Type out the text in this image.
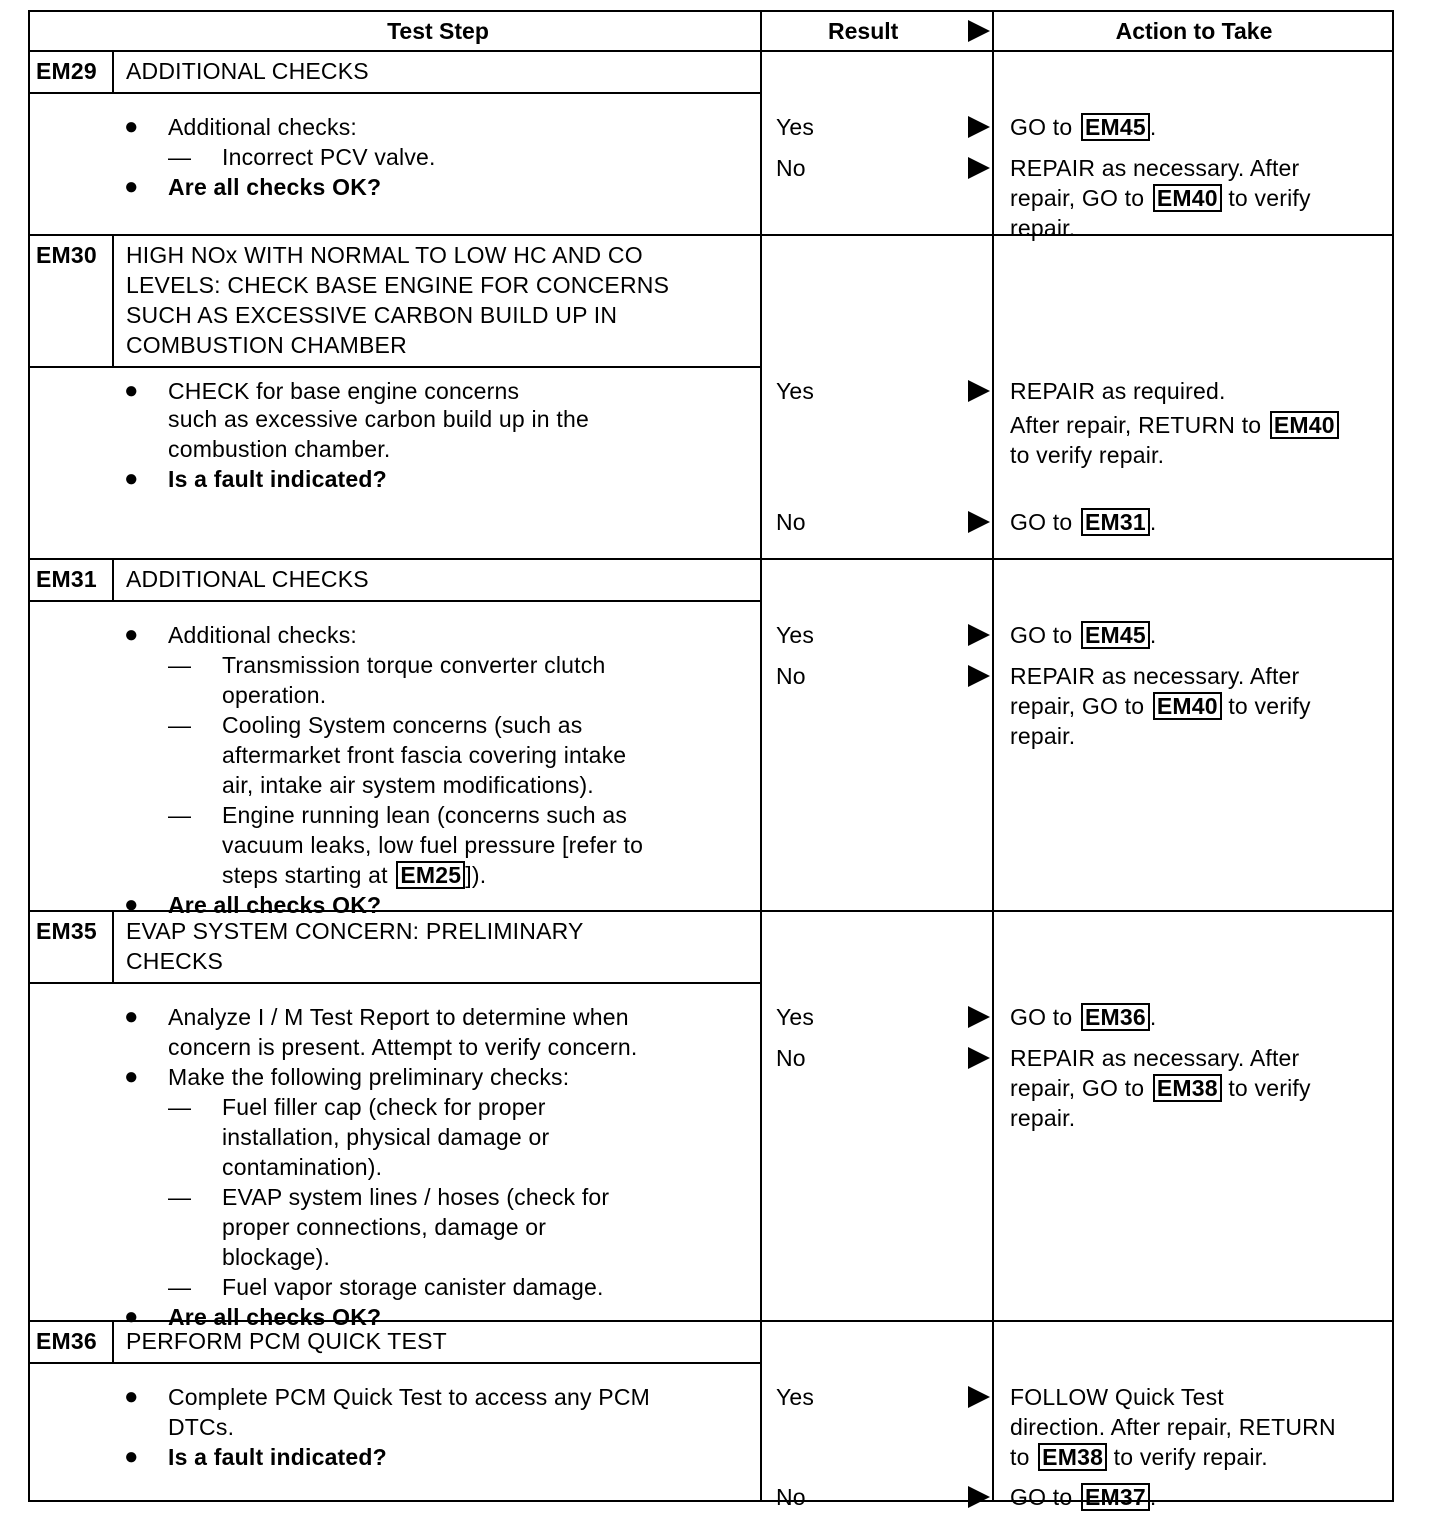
Test Step	Result	Action to Take
EM29 ADDITIONAL CHECKS
● Additional checks:
— Incorrect PCV valve.
● Are all checks OK?
Yes	GO to EM45 .
No	REPAIR as necessary. After
repair, GO to EM40 to verify
repair.
EM30 HIGH NOx WITH NORMAL TO LOW HC AND CO
LEVELS: CHECK BASE ENGINE FOR CONCERNS
SUCH AS EXCESSIVE CARBON BUILD UP IN
COMBUSTION CHAMBER
● CHECK for base engine concerns
such as excessive carbon build up in the
combustion chamber.
● Is a fault indicated?
Yes	REPAIR as required.
After repair, RETURN to EM40
to verify repair.
No	GO to EM31 .
EM31 ADDITIONAL CHECKS
● Additional checks:
— Transmission torque converter clutch
operation.
— Cooling System concerns (such as
aftermarket front fascia covering intake
air, intake air system modifications).
— Engine running lean (concerns such as
vacuum leaks, low fuel pressure [refer to
steps starting at EM25 ]).
● Are all checks OK?
Yes	GO to EM45 .
No	REPAIR as necessary. After
repair, GO to EM40 to verify
repair.
EM35 EVAP SYSTEM CONCERN: PRELIMINARY
CHECKS
● Analyze I / M Test Report to determine when
concern is present. Attempt to verify concern.
● Make the following preliminary checks:
— Fuel filler cap (check for proper
installation, physical damage or
contamination).
— EVAP system lines / hoses (check for
proper connections, damage or
blockage).
— Fuel vapor storage canister damage.
● Are all checks OK?
Yes	GO to EM36 .
No	REPAIR as necessary. After
repair, GO to EM38 to verify
repair.
EM36 PERFORM PCM QUICK TEST
● Complete PCM Quick Test to access any PCM
DTCs.
● Is a fault indicated?
Yes	FOLLOW Quick Test
direction. After repair, RETURN
to EM38 to verify repair.
No	GO to EM37 .
